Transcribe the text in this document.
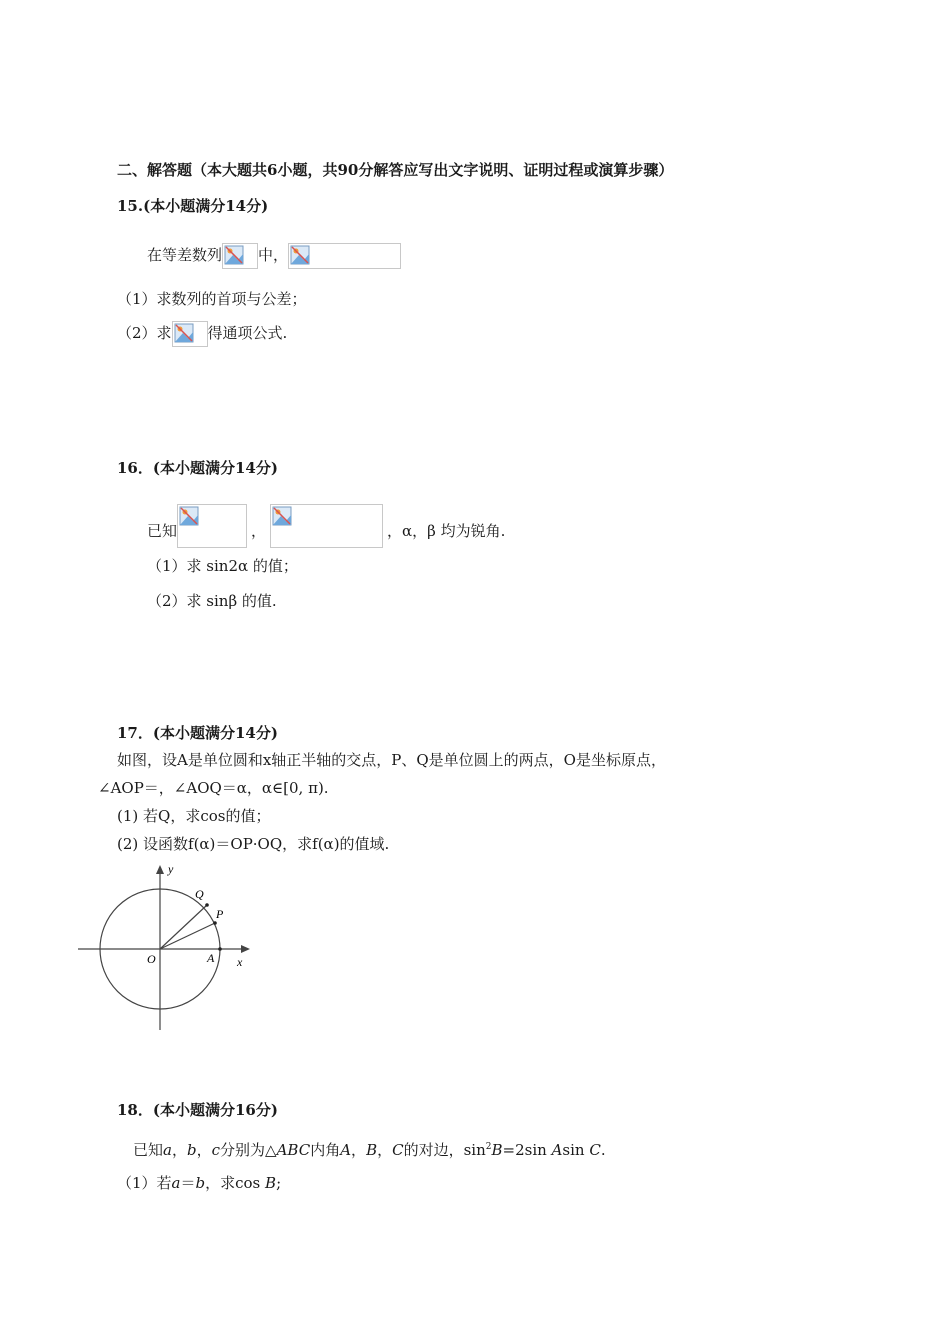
二、解答题（本大题共6小题，共90分解答应写出文字说明、证明过程或演算步骤）
15.(本小题满分14分)
在等差数列 中，
（1）求数列的首项与公差；
（2）求 得通项公式.
16．(本小题满分14分)
已知	，	，α，β 均为锐角.
（1）求 sin2α 的值；
（2）求 sinβ 的值.
17．(本小题满分14分)
如图，设A是单位圆和x轴正半轴的交点，P、Q是单位圆上的两点，O是坐标原点，
∠AOP＝，∠AOQ＝α，α∈[0, π).
(1) 若Q，求cos的值；
(2) 设函数f(α)＝OP·OQ，求f(α)的值域.
y
Q
P
O	A x
18．(本小题满分16分)
已知a，b，c分别为△ABC内角A，B，C的对边，$\sin^2B=2\sin$ Asin C.
（1）若a＝b，求cos B;
